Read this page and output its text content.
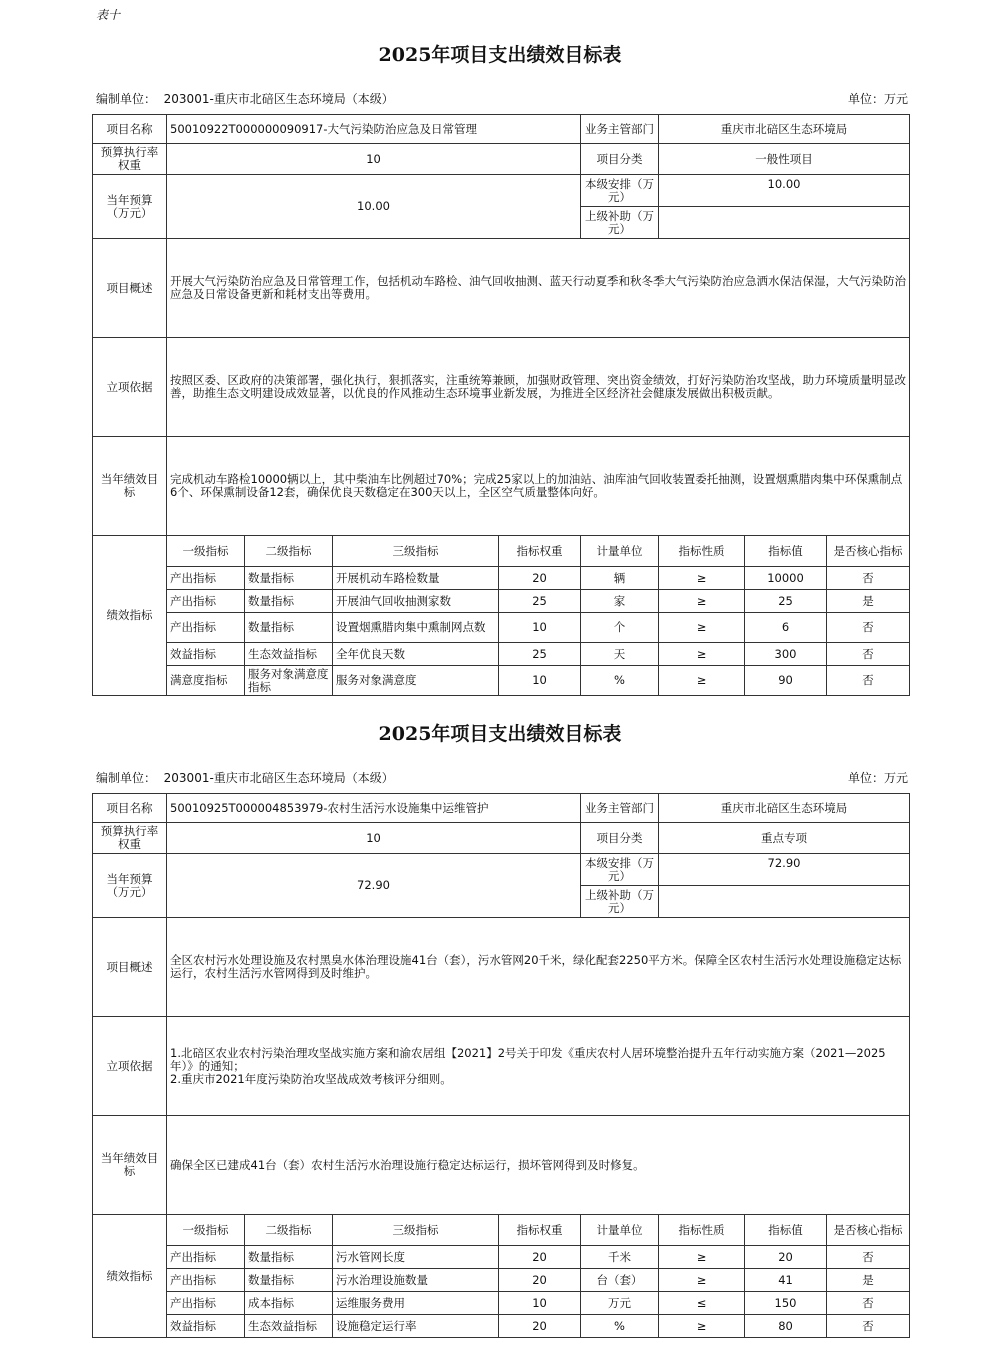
表十
2025年项目支出绩效目标表
编制单位： 203001-重庆市北碚区生态环境局（本级）	单位：万元
项目名称	50010922T000000090917-大气污染防治应急及日常管理				业务主管部门	重庆市北碚区生态环境局		
预算执行率权重	10				项目分类	一般性项目		
当年预算（万元）	10.00				本级安排（万元）	10.00		
					上级补助（万元）			
项目概述	开展大气污染防治应急及日常管理工作，包括机动车路检、油气回收抽测、蓝天行动夏季和秋冬季大气污染防治应急洒水保洁保湿，大气污染防治应急及日常设备更新和耗材支出等费用。							
立项依据	按照区委、区政府的决策部署，强化执行，狠抓落实，注重统筹兼顾，加强财政管理、突出资金绩效，打好污染防治攻坚战，助力环境质量明显改善，助推生态文明建设成效显著，以优良的作风推动生态环境事业新发展，为推进全区经济社会健康发展做出积极贡献。							
当年绩效目标	完成机动车路检10000辆以上，其中柴油车比例超过70%；完成25家以上的加油站、油库油气回收装置委托抽测，设置烟熏腊肉集中环保熏制点6个、环保熏制设备12套，确保优良天数稳定在300天以上，全区空气质量整体向好。							
绩效指标	一级指标	二级指标	三级指标	指标权重	计量单位	指标性质	指标值	是否核心指标
	产出指标	数量指标	开展机动车路检数量	20	辆	≥	10000	否
	产出指标	数量指标	开展油气回收抽测家数	25	家	≥	25	是
	产出指标	数量指标	设置烟熏腊肉集中熏制网点数	10	个	≥	6	否
	效益指标	生态效益指标	全年优良天数	25	天	≥	300	否
	满意度指标	服务对象满意度指标	服务对象满意度	10	%	≥	90	否
2025年项目支出绩效目标表
编制单位： 203001-重庆市北碚区生态环境局（本级）	单位：万元
项目名称	50010925T000004853979-农村生活污水设施集中运维管护				业务主管部门	重庆市北碚区生态环境局		
预算执行率权重	10				项目分类	重点专项		
当年预算（万元）	72.90				本级安排（万元）	72.90		
					上级补助（万元）			
项目概述	全区农村污水处理设施及农村黑臭水体治理设施41台（套），污水管网20千米，绿化配套2250平方米。保障全区农村生活污水处理设施稳定达标运行，农村生活污水管网得到及时维护。							
立项依据	1.北碚区农业农村污染治理攻坚战实施方案和渝农居组【2021】2号关于印发《重庆农村人居环境整治提升五年行动实施方案（2021—2025年）》的通知；
2.重庆市2021年度污染防治攻坚战成效考核评分细则。							

当年绩效目标	确保全区已建成41台（套）农村生活污水治理设施行稳定达标运行，损坏管网得到及时修复。							
绩效指标	一级指标	二级指标	三级指标	指标权重	计量单位	指标性质	指标值	是否核心指标
	产出指标	数量指标	污水管网长度	20	千米	≥	20	否
	产出指标	数量指标	污水治理设施数量	20	台（套）	≥	41	是
	产出指标	成本指标	运维服务费用	10	万元	≤	150	否
	效益指标	生态效益指标	设施稳定运行率	20	%	≥	80	否
